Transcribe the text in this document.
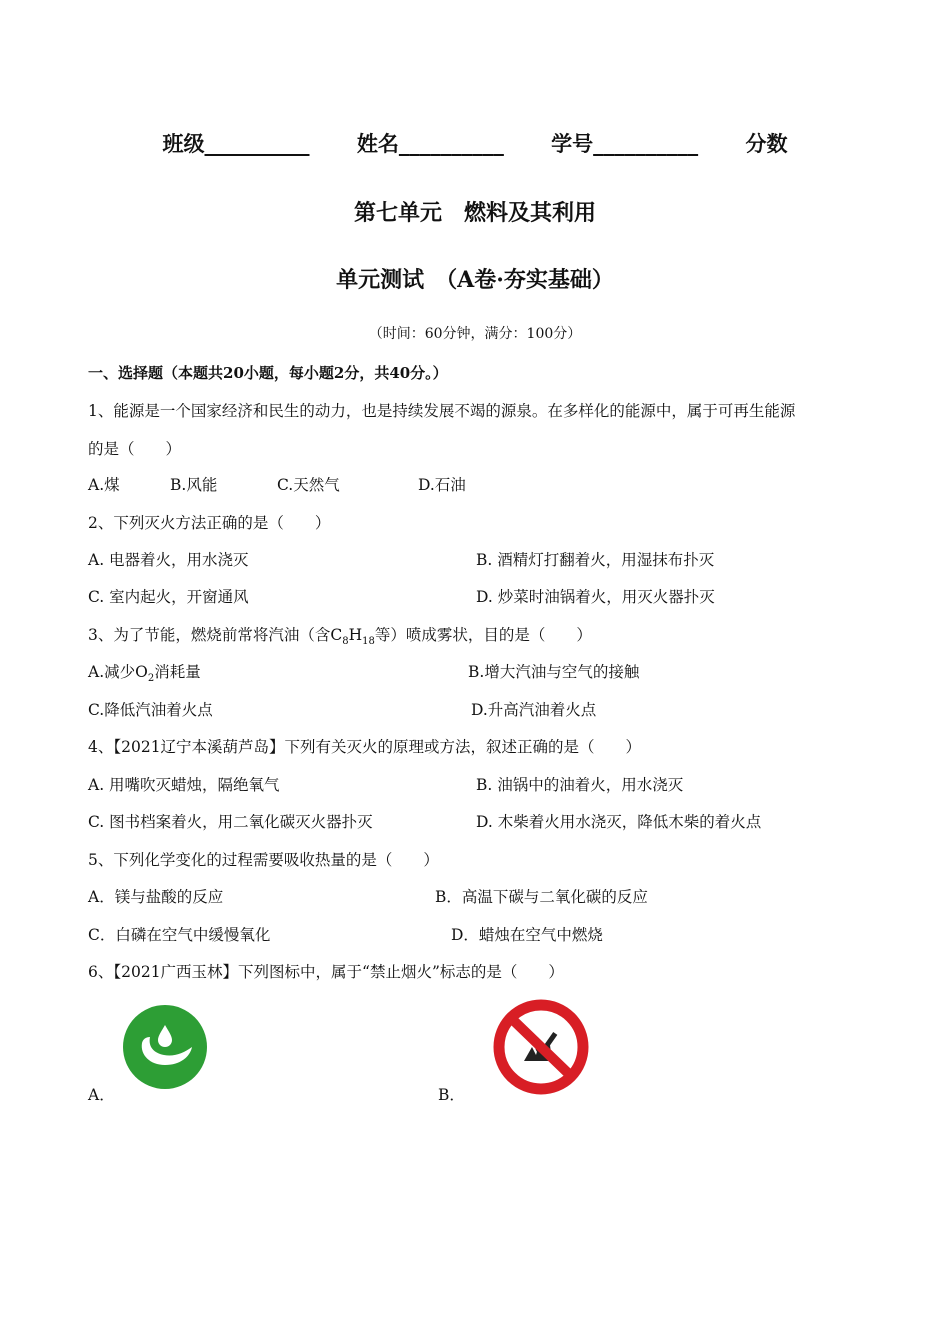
班级__________ 姓名__________ 学号__________ 分数
第七单元　燃料及其利用
单元测试　（A卷·夯实基础）
（时间：60分钟，满分：100分）
一、选择题（本题共20小题，每小题2分，共40分。）
1、能源是一个国家经济和民生的动力，也是持续发展不竭的源泉。在多样化的能源中，属于可再生能源
的是（　　）
A.煤	B.风能	C.天然气	D.石油
2、下列灭火方法正确的是（　　）
A. 电器着火，用水浇灭	B. 酒精灯打翻着火，用湿抹布扑灭
C. 室内起火，开窗通风	D. 炒菜时油锅着火，用灭火器扑灭
3、为了节能，燃烧前常将汽油（含$C_8H_{18}$等）喷成雾状，目的是（　　）
A.减少$O_2$消耗量	B.增大汽油与空气的接触
C.降低汽油着火点	D.升高汽油着火点
4、【2021辽宁本溪葫芦岛】下列有关灭火的原理或方法，叙述正确的是（　　）
A. 用嘴吹灭蜡烛，隔绝氧气	B. 油锅中的油着火，用水浇灭
C. 图书档案着火，用二氧化碳灭火器扑灭	D. 木柴着火用水浇灭，降低木柴的着火点
5、下列化学变化的过程需要吸收热量的是（　　）
A．镁与盐酸的反应	B．高温下碳与二氧化碳的反应
C．白磷在空气中缓慢氧化	D．蜡烛在空气中燃烧
6、【2021广西玉林】下列图标中，属于“禁止烟火”标志的是（　　）
A．	B．
